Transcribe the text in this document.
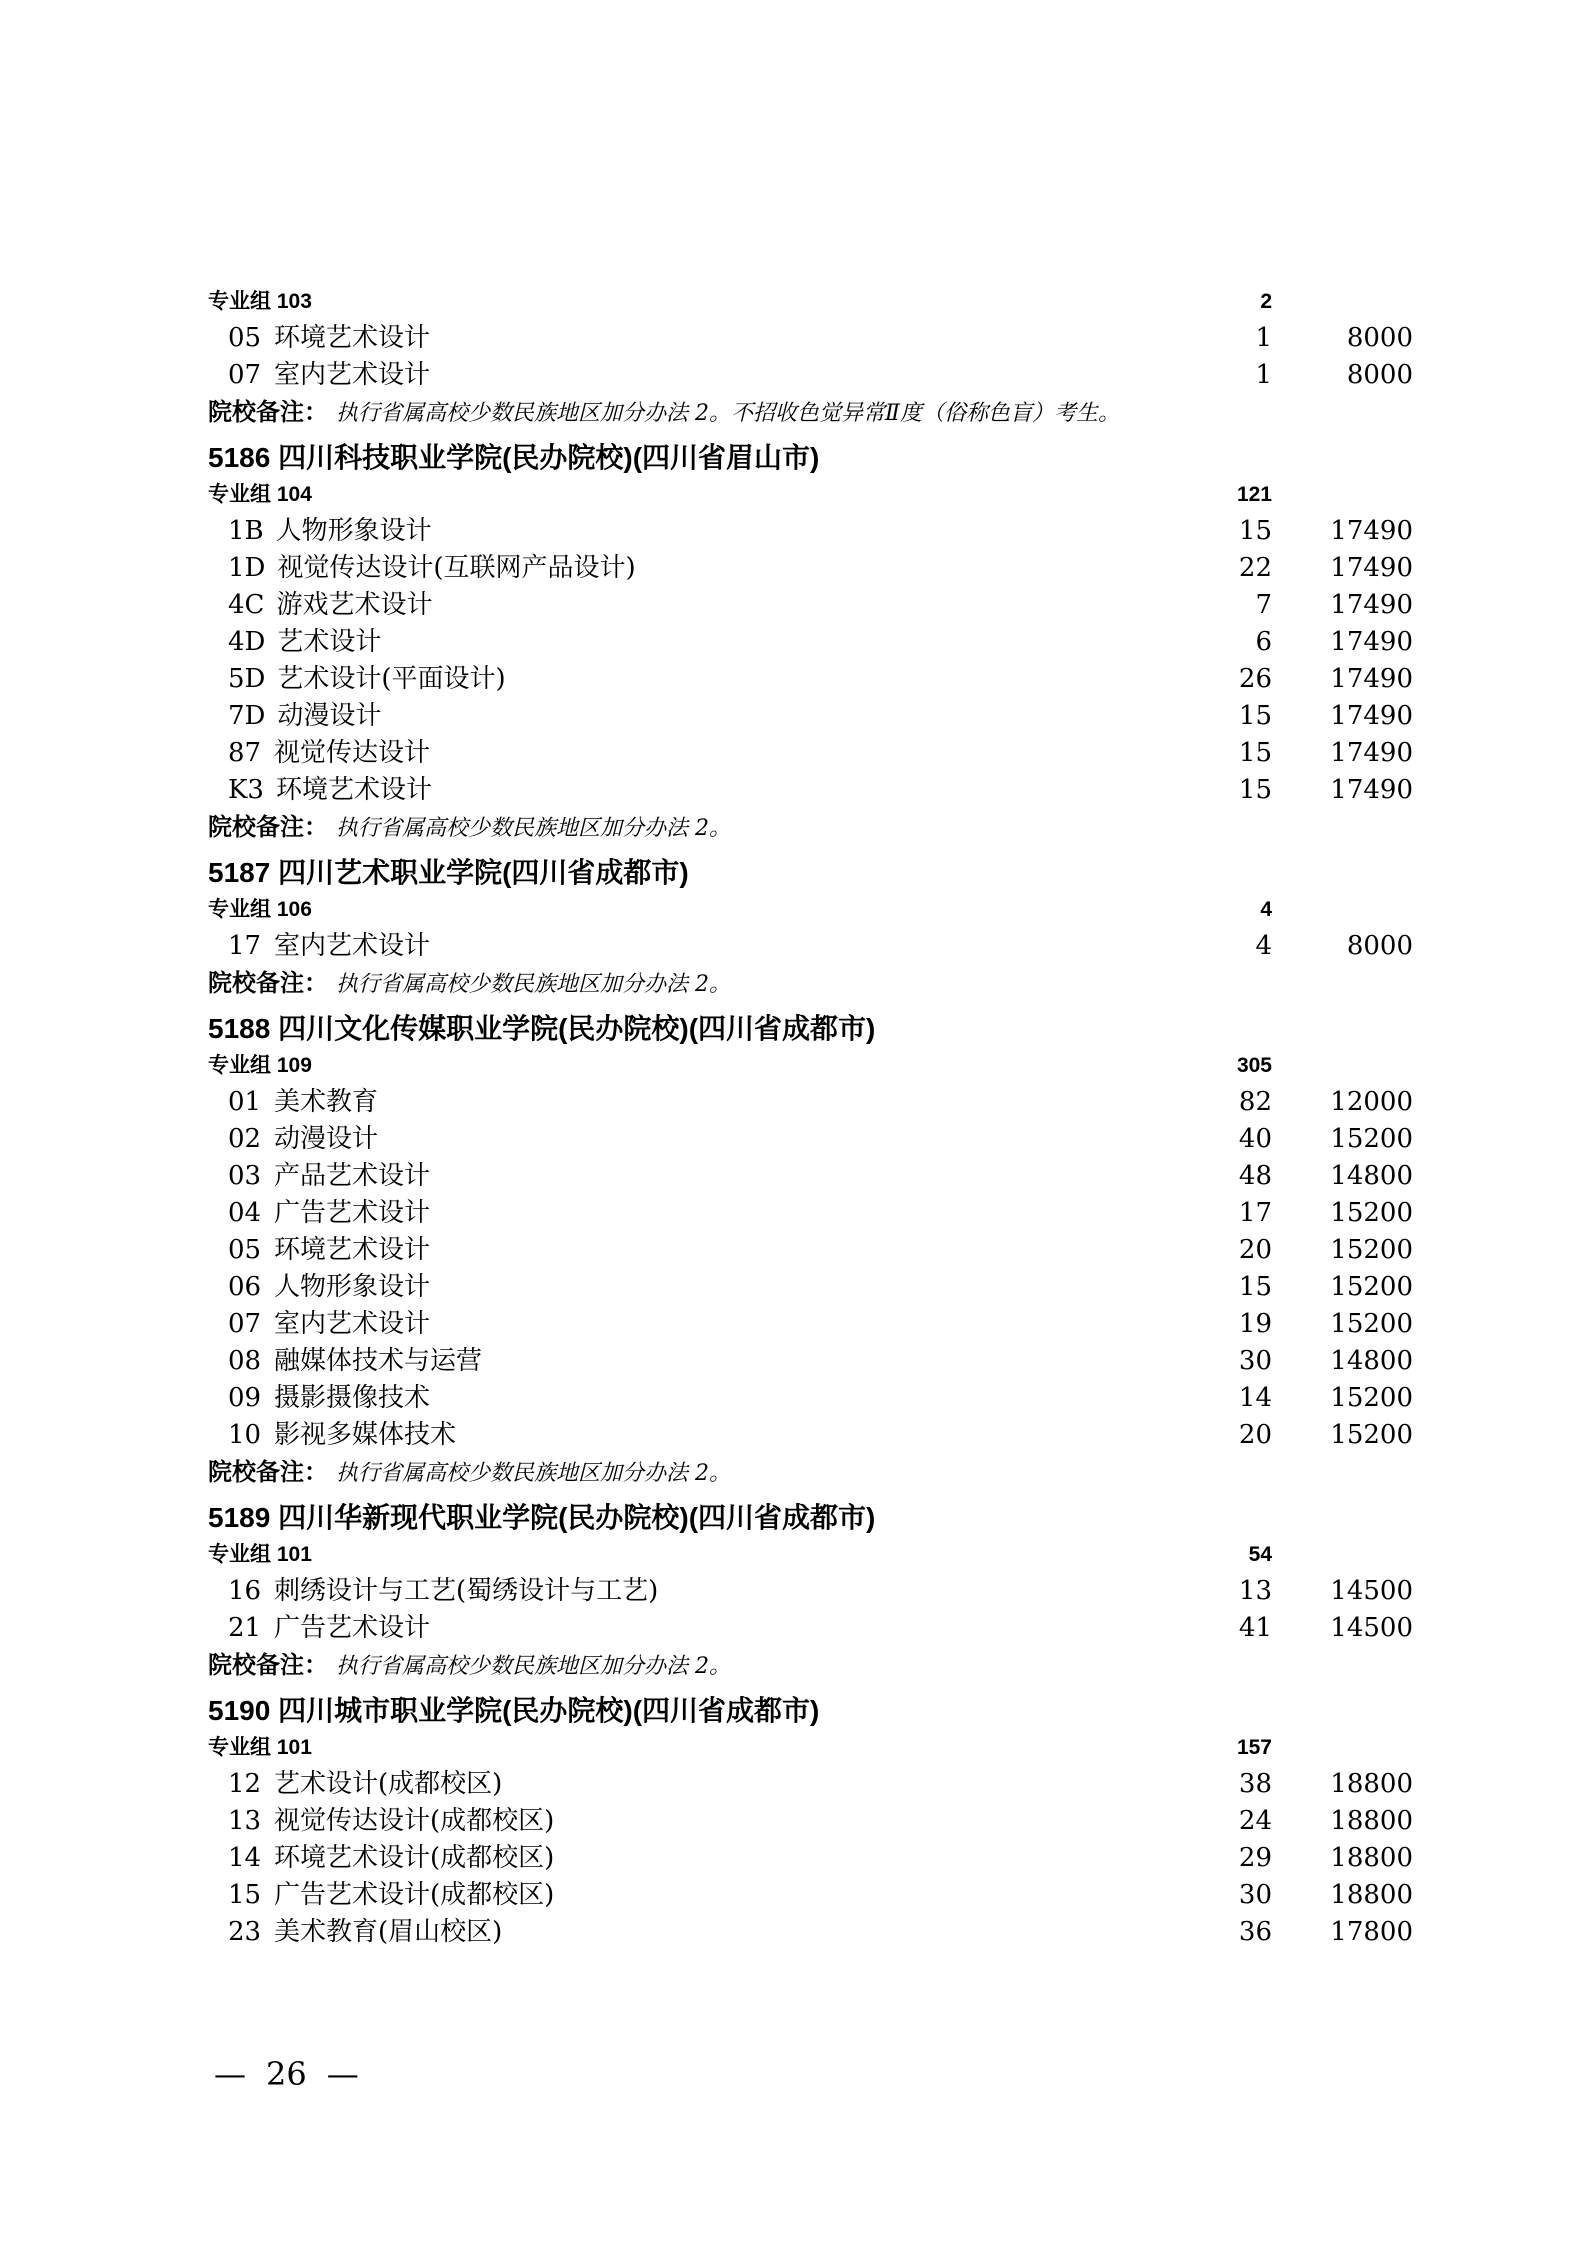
专业组 103	2
05 环境艺术设计	1	8000
07 室内艺术设计	1	8000
院校备注： 执行省属高校少数民族地区加分办法 2。不招收色觉异常Ⅱ度（俗称色盲）考生。
5186 四川科技职业学院(民办院校)(四川省眉山市)
专业组 104	121
1B 人物形象设计	15	17490
1D 视觉传达设计(互联网产品设计)	22	17490
4C 游戏艺术设计	7	17490
4D 艺术设计	6	17490
5D 艺术设计(平面设计)	26	17490
7D 动漫设计	15	17490
87 视觉传达设计	15	17490
K3 环境艺术设计	15	17490
院校备注： 执行省属高校少数民族地区加分办法 2。
5187 四川艺术职业学院(四川省成都市)
专业组 106	4
17 室内艺术设计	4	8000
院校备注： 执行省属高校少数民族地区加分办法 2。
5188 四川文化传媒职业学院(民办院校)(四川省成都市)
专业组 109	305
01 美术教育	82	12000
02 动漫设计	40	15200
03 产品艺术设计	48	14800
04 广告艺术设计	17	15200
05 环境艺术设计	20	15200
06 人物形象设计	15	15200
07 室内艺术设计	19	15200
08 融媒体技术与运营	30	14800
09 摄影摄像技术	14	15200
10 影视多媒体技术	20	15200
院校备注： 执行省属高校少数民族地区加分办法 2。
5189 四川华新现代职业学院(民办院校)(四川省成都市)
专业组 101	54
16 刺绣设计与工艺(蜀绣设计与工艺)	13	14500
21 广告艺术设计	41	14500
院校备注： 执行省属高校少数民族地区加分办法 2。
5190 四川城市职业学院(民办院校)(四川省成都市)
专业组 101	157
12 艺术设计(成都校区)	38	18800
13 视觉传达设计(成都校区)	24	18800
14 环境艺术设计(成都校区)	29	18800
15 广告艺术设计(成都校区)	30	18800
23 美术教育(眉山校区)	36	17800
— 26 —
